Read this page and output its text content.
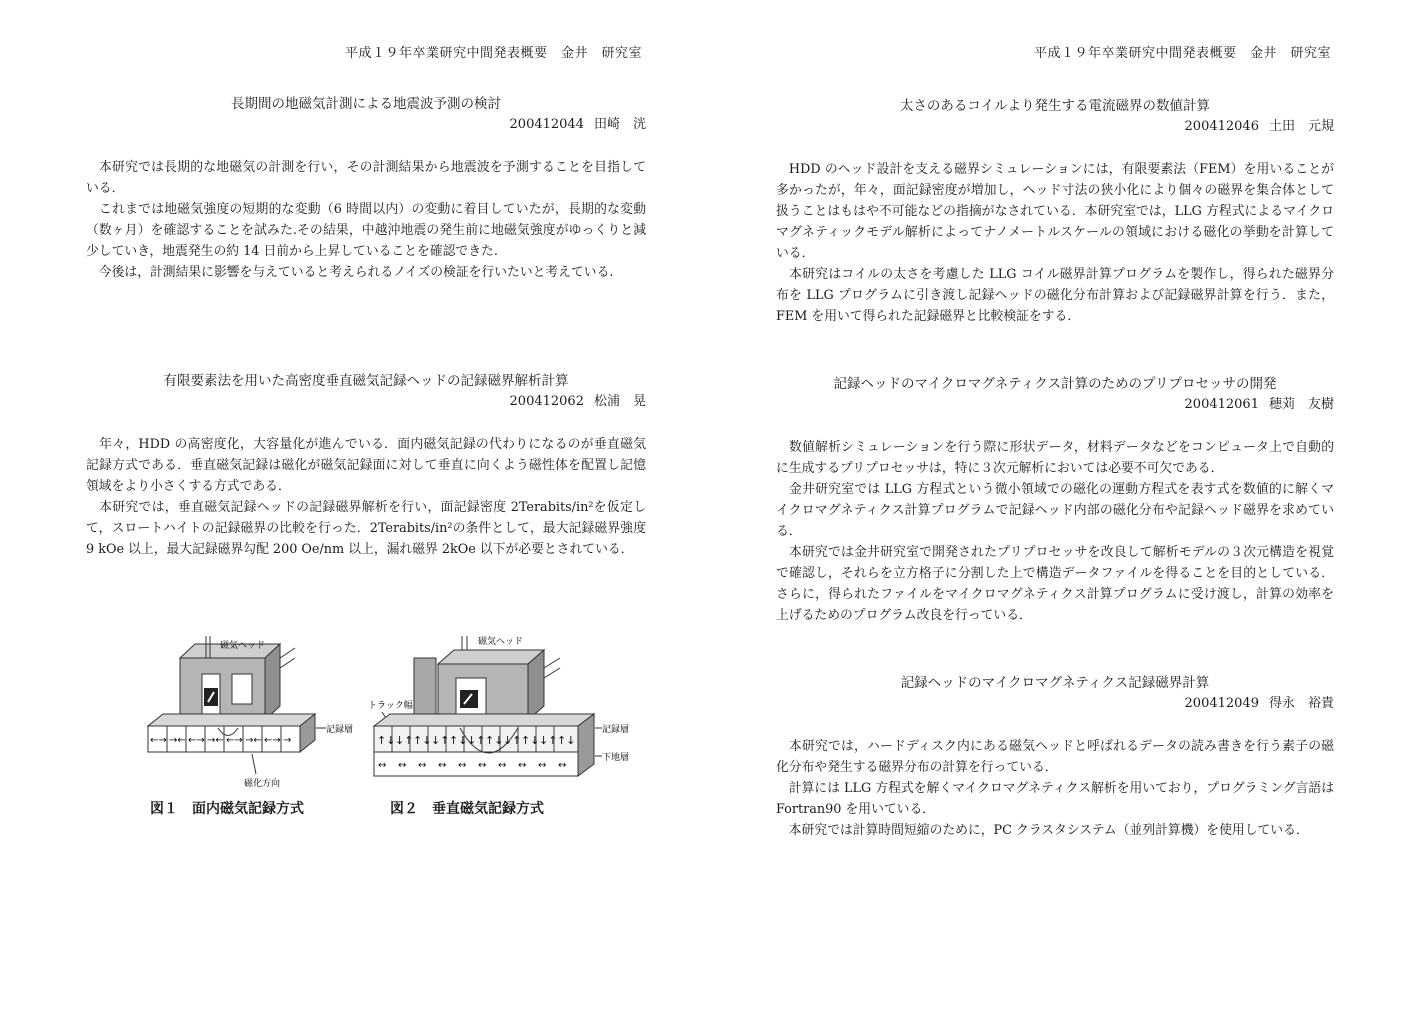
平成１９年卒業研究中間発表概要　金井　研究室
長期間の地磁気計測による地震波予測の検討
200412044 田崎　洸

　本研究では長期的な地磁気の計測を行い，その計測結果から地震波を予測することを目指している．

　これまでは地磁気強度の短期的な変動（6 時間以内）の変動に着目していたが，長期的な変動（数ヶ月）を確認することを試みた.その結果，中越沖地震の発生前に地磁気強度がゆっくりと減少していき，地震発生の約 14 日前から上昇していることを確認できた.

　今後は，計測結果に影響を与えていると考えられるノイズの検証を行いたいと考えている.

有限要素法を用いた高密度垂直磁気記録ヘッドの記録磁界解析計算
200412062 松浦　晃

　年々，HDD の高密度化，大容量化が進んでいる．面内磁気記録の代わりになるのが垂直磁気記録方式である．垂直磁気記録は磁化が磁気記録面に対して垂直に向くよう磁性体を配置し記憶領域をより小さくする方式である．

　本研究では，垂直磁気記録ヘッドの記録磁界解析を行い，面記録密度 2Terabits/in²を仮定して，スロートハイトの記録磁界の比較を行った．2Terabits/in²の条件として，最大記録磁界強度 9 kOe 以上，最大記録磁界勾配 200 Oe/nm 以上，漏れ磁界 2kOe 以下が必要とされている．

磁気ヘッド
←→ →← ←→ →← ←→ →← ←→ →
記録層
磁化方向
図１　面内磁気記録方式
磁気ヘッド
トラック幅
↑↓ ↓↑ ↑↓ ↓↑ ↑↓ ↓↑ ↑↓ ↓↑ ↑↓ ↓↑ ↑↓
↔ ↔ ↔ ↔ ↔ ↔ ↔ ↔ ↔ ↔
記録層
下地層
図２　垂直磁気記録方式
平成１９年卒業研究中間発表概要　金井　研究室
太さのあるコイルより発生する電流磁界の数値計算
200412046 土田　元規

　HDD のヘッド設計を支える磁界シミュレーションには，有限要素法（FEM）を用いることが多かったが，年々，面記録密度が増加し，ヘッド寸法の狭小化により個々の磁界を集合体として扱うことはもはや不可能などの指摘がなされている．本研究室では，LLG 方程式によるマイクロマグネティックモデル解析によってナノメートルスケールの領域における磁化の挙動を計算している．

　本研究はコイルの太さを考慮した LLG コイル磁界計算プログラムを製作し，得られた磁界分布を LLG プログラムに引き渡し記録ヘッドの磁化分布計算および記録磁界計算を行う．また，FEM を用いて得られた記録磁界と比較検証をする．

記録ヘッドのマイクロマグネティクス計算のためのプリプロセッサの開発
200412061 穂苅　友樹

　数値解析シミュレーションを行う際に形状データ，材料データなどをコンピュータ上で自動的に生成するプリプロセッサは，特に３次元解析においては必要不可欠である．

　金井研究室では LLG 方程式という微小領域での磁化の運動方程式を表す式を数値的に解くマイクロマグネティクス計算プログラムで記録ヘッド内部の磁化分布や記録ヘッド磁界を求めている．

　本研究では金井研究室で開発されたプリプロセッサを改良して解析モデルの３次元構造を視覚で確認し，それらを立方格子に分割した上で構造データファイルを得ることを目的としている．さらに，得られたファイルをマイクロマグネティクス計算プログラムに受け渡し，計算の効率を上げるためのプログラム改良を行っている．

記録ヘッドのマイクロマグネティクス記録磁界計算
200412049 得永　裕貴

　本研究では，ハードディスク内にある磁気ヘッドと呼ばれるデータの読み書きを行う素子の磁化分布や発生する磁界分布の計算を行っている．

　計算には LLG 方程式を解くマイクロマグネティクス解析を用いており，プログラミング言語は Fortran90 を用いている．

　本研究では計算時間短縮のために，PC クラスタシステム（並列計算機）を使用している．
